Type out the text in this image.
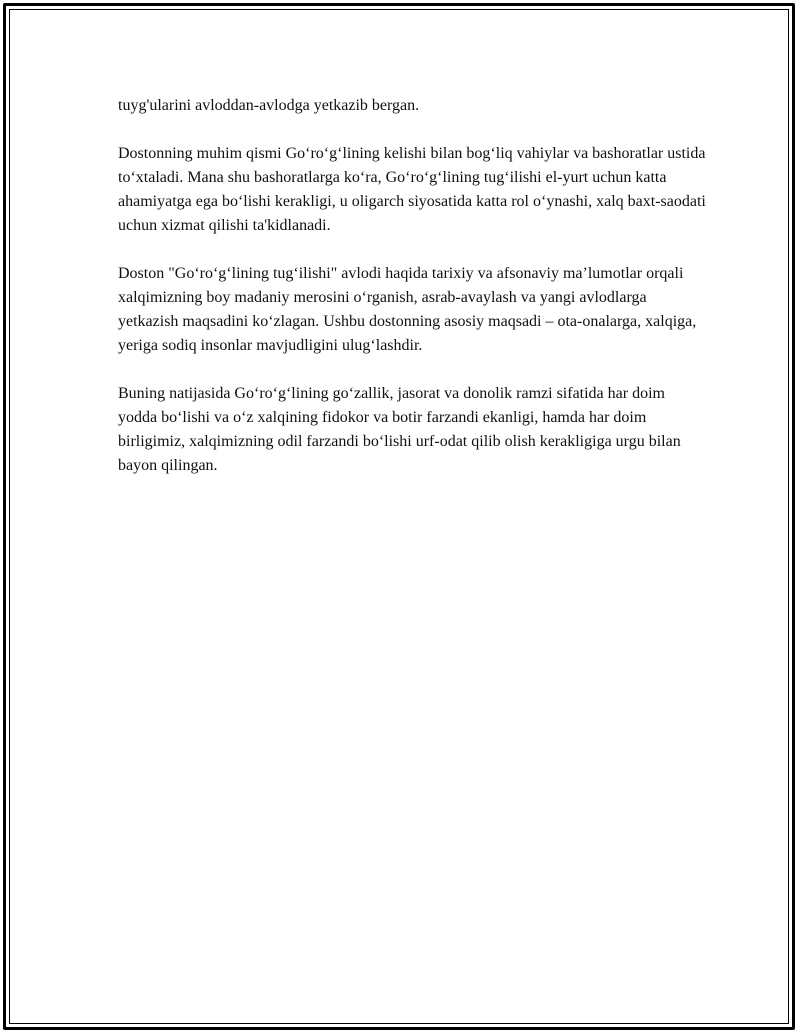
tuyg'ularini avloddan-avlodga yetkazib bergan.

Dostonning muhim qismi Go‘ro‘g‘lining kelishi bilan bog‘liq vahiylar va bashoratlar ustida to‘xtaladi. Mana shu bashoratlarga ko‘ra, Go‘ro‘g‘lining tug‘ilishi el-yurt uchun katta ahamiyatga ega bo‘lishi kerakligi, u oligarch siyosatida katta rol o‘ynashi, xalq baxt-saodati uchun xizmat qilishi ta'kidlanadi.

Doston "Go‘ro‘g‘lining tug‘ilishi" avlodi haqida tarixiy va afsonaviy ma’lumotlar orqali xalqimizning boy madaniy merosini o‘rganish, asrab-avaylash va yangi avlodlarga yetkazish maqsadini ko‘zlagan. Ushbu dostonning asosiy maqsadi – ota-onalarga, xalqiga, yeriga sodiq insonlar mavjudligini ulug‘lashdir.

Buning natijasida Go‘ro‘g‘lining go‘zallik, jasorat va donolik ramzi sifatida har doim yodda bo‘lishi va o‘z xalqining fidokor va botir farzandi ekanligi, hamda har doim birligimiz, xalqimizning odil farzandi bo‘lishi urf-odat qilib olish kerakligiga urgu bilan bayon qilingan.
